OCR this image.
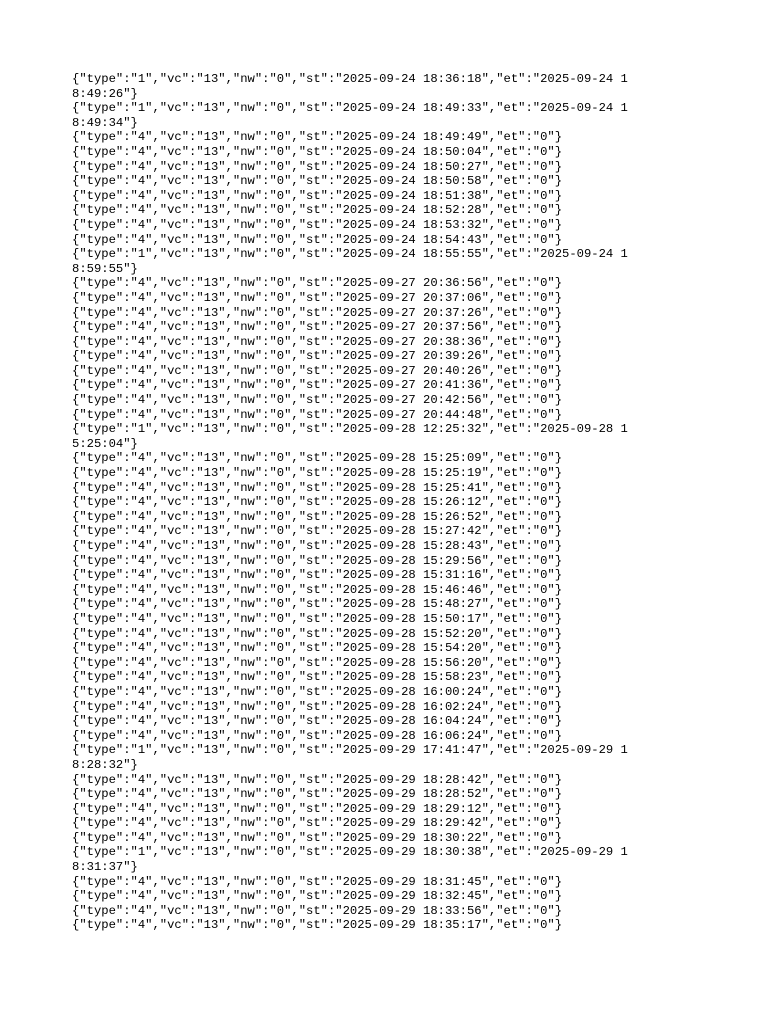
{"type":"1","vc":"13","nw":"0","st":"2025-09-24 18:36:18","et":"2025-09-24 18:49:26"}
{"type":"1","vc":"13","nw":"0","st":"2025-09-24 18:49:33","et":"2025-09-24 18:49:34"}
{"type":"4","vc":"13","nw":"0","st":"2025-09-24 18:49:49","et":"0"}
{"type":"4","vc":"13","nw":"0","st":"2025-09-24 18:50:04","et":"0"}
{"type":"4","vc":"13","nw":"0","st":"2025-09-24 18:50:27","et":"0"}
{"type":"4","vc":"13","nw":"0","st":"2025-09-24 18:50:58","et":"0"}
{"type":"4","vc":"13","nw":"0","st":"2025-09-24 18:51:38","et":"0"}
{"type":"4","vc":"13","nw":"0","st":"2025-09-24 18:52:28","et":"0"}
{"type":"4","vc":"13","nw":"0","st":"2025-09-24 18:53:32","et":"0"}
{"type":"4","vc":"13","nw":"0","st":"2025-09-24 18:54:43","et":"0"}
{"type":"1","vc":"13","nw":"0","st":"2025-09-24 18:55:55","et":"2025-09-24 18:59:55"}
{"type":"4","vc":"13","nw":"0","st":"2025-09-27 20:36:56","et":"0"}
{"type":"4","vc":"13","nw":"0","st":"2025-09-27 20:37:06","et":"0"}
{"type":"4","vc":"13","nw":"0","st":"2025-09-27 20:37:26","et":"0"}
{"type":"4","vc":"13","nw":"0","st":"2025-09-27 20:37:56","et":"0"}
{"type":"4","vc":"13","nw":"0","st":"2025-09-27 20:38:36","et":"0"}
{"type":"4","vc":"13","nw":"0","st":"2025-09-27 20:39:26","et":"0"}
{"type":"4","vc":"13","nw":"0","st":"2025-09-27 20:40:26","et":"0"}
{"type":"4","vc":"13","nw":"0","st":"2025-09-27 20:41:36","et":"0"}
{"type":"4","vc":"13","nw":"0","st":"2025-09-27 20:42:56","et":"0"}
{"type":"4","vc":"13","nw":"0","st":"2025-09-27 20:44:48","et":"0"}
{"type":"1","vc":"13","nw":"0","st":"2025-09-28 12:25:32","et":"2025-09-28 15:25:04"}
{"type":"4","vc":"13","nw":"0","st":"2025-09-28 15:25:09","et":"0"}
{"type":"4","vc":"13","nw":"0","st":"2025-09-28 15:25:19","et":"0"}
{"type":"4","vc":"13","nw":"0","st":"2025-09-28 15:25:41","et":"0"}
{"type":"4","vc":"13","nw":"0","st":"2025-09-28 15:26:12","et":"0"}
{"type":"4","vc":"13","nw":"0","st":"2025-09-28 15:26:52","et":"0"}
{"type":"4","vc":"13","nw":"0","st":"2025-09-28 15:27:42","et":"0"}
{"type":"4","vc":"13","nw":"0","st":"2025-09-28 15:28:43","et":"0"}
{"type":"4","vc":"13","nw":"0","st":"2025-09-28 15:29:56","et":"0"}
{"type":"4","vc":"13","nw":"0","st":"2025-09-28 15:31:16","et":"0"}
{"type":"4","vc":"13","nw":"0","st":"2025-09-28 15:46:46","et":"0"}
{"type":"4","vc":"13","nw":"0","st":"2025-09-28 15:48:27","et":"0"}
{"type":"4","vc":"13","nw":"0","st":"2025-09-28 15:50:17","et":"0"}
{"type":"4","vc":"13","nw":"0","st":"2025-09-28 15:52:20","et":"0"}
{"type":"4","vc":"13","nw":"0","st":"2025-09-28 15:54:20","et":"0"}
{"type":"4","vc":"13","nw":"0","st":"2025-09-28 15:56:20","et":"0"}
{"type":"4","vc":"13","nw":"0","st":"2025-09-28 15:58:23","et":"0"}
{"type":"4","vc":"13","nw":"0","st":"2025-09-28 16:00:24","et":"0"}
{"type":"4","vc":"13","nw":"0","st":"2025-09-28 16:02:24","et":"0"}
{"type":"4","vc":"13","nw":"0","st":"2025-09-28 16:04:24","et":"0"}
{"type":"4","vc":"13","nw":"0","st":"2025-09-28 16:06:24","et":"0"}
{"type":"1","vc":"13","nw":"0","st":"2025-09-29 17:41:47","et":"2025-09-29 18:28:32"}
{"type":"4","vc":"13","nw":"0","st":"2025-09-29 18:28:42","et":"0"}
{"type":"4","vc":"13","nw":"0","st":"2025-09-29 18:28:52","et":"0"}
{"type":"4","vc":"13","nw":"0","st":"2025-09-29 18:29:12","et":"0"}
{"type":"4","vc":"13","nw":"0","st":"2025-09-29 18:29:42","et":"0"}
{"type":"4","vc":"13","nw":"0","st":"2025-09-29 18:30:22","et":"0"}
{"type":"1","vc":"13","nw":"0","st":"2025-09-29 18:30:38","et":"2025-09-29 18:31:37"}
{"type":"4","vc":"13","nw":"0","st":"2025-09-29 18:31:45","et":"0"}
{"type":"4","vc":"13","nw":"0","st":"2025-09-29 18:32:45","et":"0"}
{"type":"4","vc":"13","nw":"0","st":"2025-09-29 18:33:56","et":"0"}
{"type":"4","vc":"13","nw":"0","st":"2025-09-29 18:35:17","et":"0"}
